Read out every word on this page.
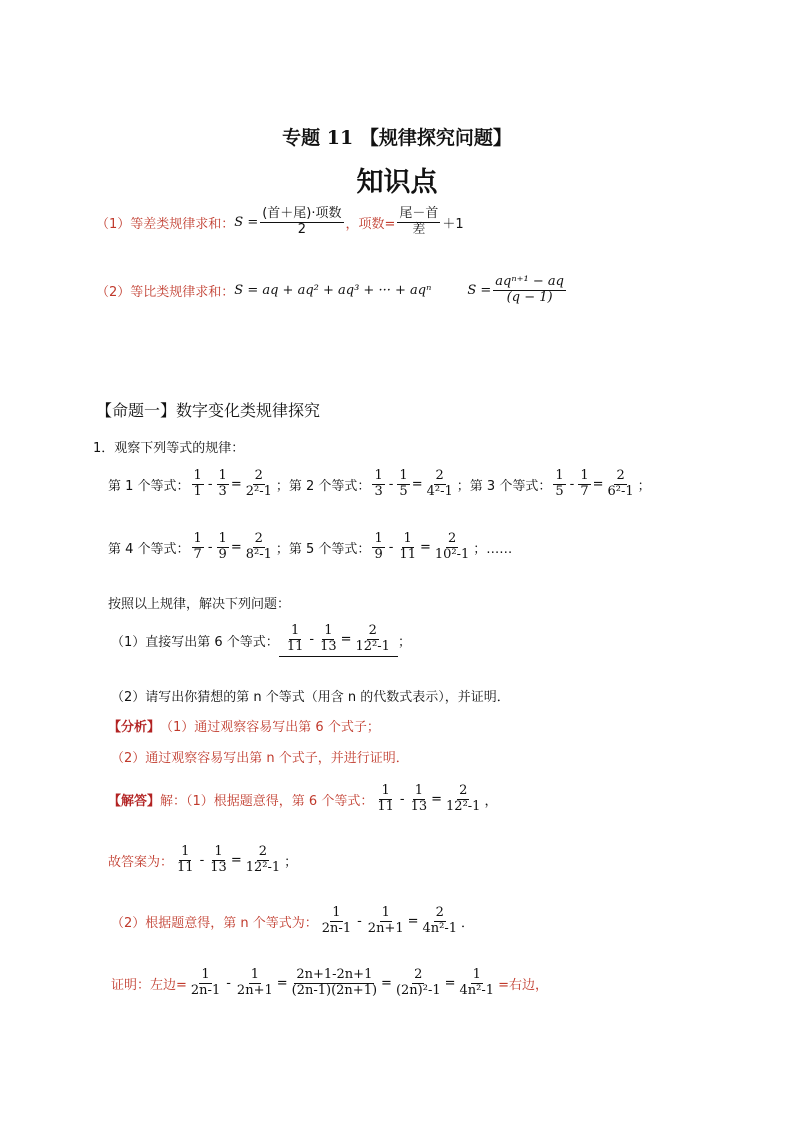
专题 11 【规律探究问题】
知识点
（1）等差类规律求和： $S = \frac{\text{(首＋尾)·项数}}{2}$ ，项数= $\frac{\text{尾－首}}{\text{差}} +1$
（2）等比类规律求和： S = aq + aq² + aq³ + ··· + aqⁿ	$S = \frac{\text{aqⁿ⁺¹ − aq}}{(q - 1)}$
【命题一】数字变化类规律探究
1．观察下列等式的规律：
第 1 个等式： $\frac{1}{1} - \frac{1}{3} = \frac{2}{\text{2²-1}}$ ； 第 2 个等式： $\frac{1}{3} - \frac{1}{5} = \frac{2}{\text{4²-1}}$ ； 第 3 个等式： $\frac{1}{5} - \frac{1}{7} = \frac{2}{\text{6²-1}}$ ；
第 4 个等式： $\frac{1}{7} - \frac{1}{9} = \frac{2}{\text{8²-1}}$ ； 第 5 个等式： $\frac{1}{9} - \frac{1}{11} = \frac{2}{\text{10²-1}}$ ；……
按照以上规律，解决下列问题：
（1）直接写出第 6 个等式： $\frac{1}{11} - \frac{1}{13} = \frac{2}{\text{12²-1}}$ ；
（2）请写出你猜想的第 n 个等式（用含 n 的代数式表示），并证明．
【分析】 （1）通过观察容易写出第 6 个式子；
（2）通过观察容易写出第 n 个式子，并进行证明．
【解答】 解：（1）根据题意得，第 6 个等式： $\frac{1}{11} - \frac{1}{13} = \frac{2}{\text{12²-1}}$ ，
故答案为： $\frac{1}{11} - \frac{1}{13} = \frac{2}{\text{12²-1}}$ ；
（2）根据题意得，第 n 个等式为： $\frac{1}{2n-1} - \frac{1}{2n+1} = \frac{2}{\text{4n²-1}}$ ．
证明：左边= $\frac{1}{2n-1} - \frac{1}{2n+1} = \frac{2n+1-2n+1}{(2n-1)(2n+1)} = \frac{2}{\text{(2n)²-1}} = \frac{1}{\text{4n²-1}}$ =右边，
